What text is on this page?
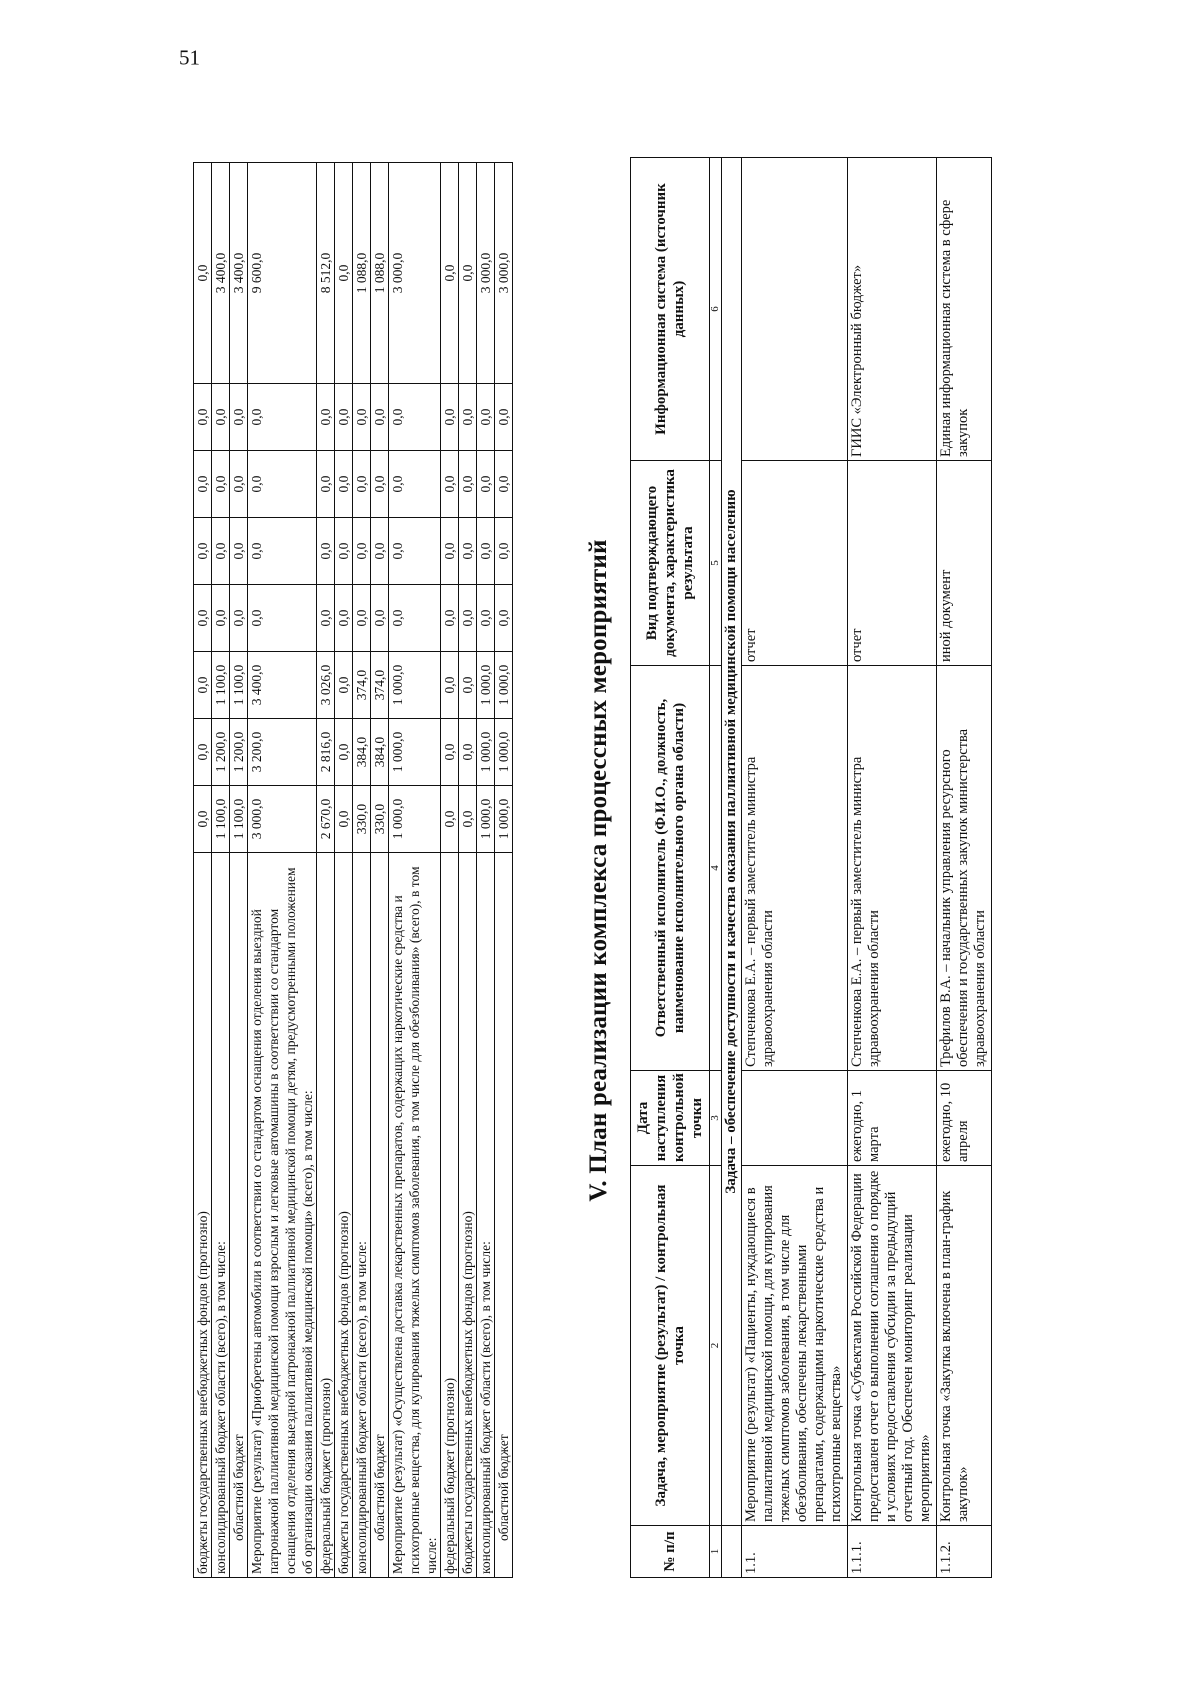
51
бюджеты государственных внебюджетных фондов (прогнозно)	0,0	0,0	0,0	0,0	0,0	0,0	0,0	0,0
консолидированный бюджет области (всего), в том числе:	1 100,0	1 200,0	1 100,0	0,0	0,0	0,0	0,0	3 400,0
областной бюджет	1 100,0	1 200,0	1 100,0	0,0	0,0	0,0	0,0	3 400,0
Мероприятие (результат) «Приобретены автомобили в соответствии со стандартом оснащения отделения выездной патронажной паллиативной медицинской помощи взрослым и легковые автомашины в соответствии со стандартом оснащения отделения выездной патронажной паллиативной медицинской помощи детям, предусмотренными положением об организации оказания паллиативной медицинской помощи» (всего), в том числе:	3 000,0	3 200,0	3 400,0	0,0	0,0	0,0	0,0	9 600,0
федеральный бюджет (прогнозно)	2 670,0	2 816,0	3 026,0	0,0	0,0	0,0	0,0	8 512,0
бюджеты государственных внебюджетных фондов (прогнозно)	0,0	0,0	0,0	0,0	0,0	0,0	0,0	0,0
консолидированный бюджет области (всего), в том числе:	330,0	384,0	374,0	0,0	0,0	0,0	0,0	1 088,0
областной бюджет	330,0	384,0	374,0	0,0	0,0	0,0	0,0	1 088,0
Мероприятие (результат) «Осуществлена доставка лекарственных препаратов, содержащих наркотические средства и психотропные вещества, для купирования тяжелых симптомов заболевания, в том числе для обезболивания» (всего), в том числе:	1 000,0	1 000,0	1 000,0	0,0	0,0	0,0	0,0	3 000,0
федеральный бюджет (прогнозно)	0,0	0,0	0,0	0,0	0,0	0,0	0,0	0,0
бюджеты государственных внебюджетных фондов (прогнозно)	0,0	0,0	0,0	0,0	0,0	0,0	0,0	0,0
консолидированный бюджет области (всего), в том числе:	1 000,0	1 000,0	1 000,0	0,0	0,0	0,0	0,0	3 000,0
областной бюджет	1 000,0	1 000,0	1 000,0	0,0	0,0	0,0	0,0	3 000,0
V. План реализации комплекса процессных мероприятий
№ п/п	Задача, мероприятие (результат) / контрольная точка	Дата наступления контрольной точки	Ответственный исполнитель (Ф.И.О., должность, наименование исполнительного органа области)	Вид подтверждающего документа, характеристика результата	Информационная система (источник данных)
1	2	3	4	5	6
	Задача – обеспечение доступности и качества оказания паллиативной медицинской помощи населению				
1.1.	Мероприятие (результат) «Пациенты, нуждающиеся в паллиативной медицинской помощи, для купирования тяжелых симптомов заболевания, в том числе для обезболивания, обеспечены лекарственными препаратами, содержащими наркотические средства и психотропные вещества»		Степченкова Е.А. – первый заместитель министра здравоохранения области	отчет	
1.1.1.	Контрольная точка «Субъектами Российской Федерации предоставлен отчет о выполнении соглашения о порядке и условиях предоставления субсидии за предыдущий отчетный год. Обеспечен мониторинг реализации мероприятия»	ежегодно, 1 марта	Степченкова Е.А. – первый заместитель министра здравоохранения области	отчет	ГИИС «Электронный бюджет»
1.1.2.	Контрольная точка «Закупка включена в план-график закупок»	ежегодно, 10 апреля	Трефилов В.А. – начальник управления ресурсного обеспечения и государственных закупок министерства здравоохранения области	иной документ	Единая информационная система в сфере закупок
